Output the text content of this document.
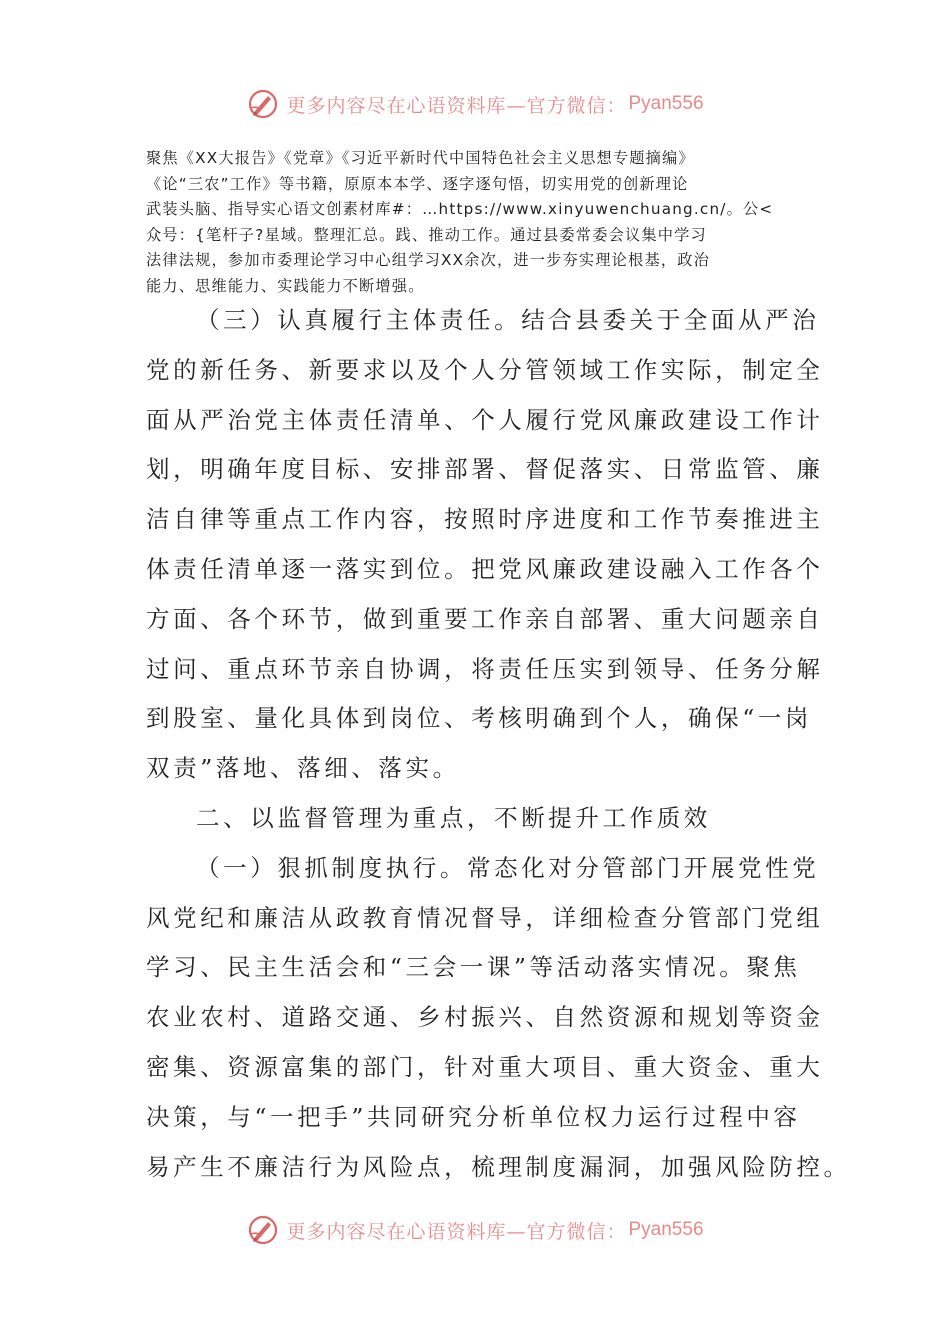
更多内容尽在心语资料库—官方微信： Pyan556
聚焦《XX大报告》《党章》《习近平新时代中国特色社会主义思想专题摘编》
《论“三农”工作》等书籍，原原本本学、逐字逐句悟，切实用党的创新理论
武装头脑、指导实心语文创素材库#：…https://www.xinyuwenchuang.cn/。公<
众号：{笔杆子?星域。整理汇总。践、推动工作。通过县委常委会议集中学习
法律法规，参加市委理论学习中心组学习XX余次，进一步夯实理论根基，政治
能力、思维能力、实践能力不断增强。
（三）认真履行主体责任。结合县委关于全面从严治
党的新任务、新要求以及个人分管领域工作实际，制定全
面从严治党主体责任清单、个人履行党风廉政建设工作计
划，明确年度目标、安排部署、督促落实、日常监管、廉
洁自律等重点工作内容，按照时序进度和工作节奏推进主
体责任清单逐一落实到位。把党风廉政建设融入工作各个
方面、各个环节，做到重要工作亲自部署、重大问题亲自
过问、重点环节亲自协调，将责任压实到领导、任务分解
到股室、量化具体到岗位、考核明确到个人，确保“一岗
双责”落地、落细、落实。
二、以监督管理为重点，不断提升工作质效
（一）狠抓制度执行。常态化对分管部门开展党性党
风党纪和廉洁从政教育情况督导，详细检查分管部门党组
学习、民主生活会和“三会一课”等活动落实情况。聚焦
农业农村、道路交通、乡村振兴、自然资源和规划等资金
密集、资源富集的部门，针对重大项目、重大资金、重大
决策，与“一把手”共同研究分析单位权力运行过程中容
易产生不廉洁行为风险点，梳理制度漏洞，加强风险防控。
更多内容尽在心语资料库—官方微信： Pyan556
